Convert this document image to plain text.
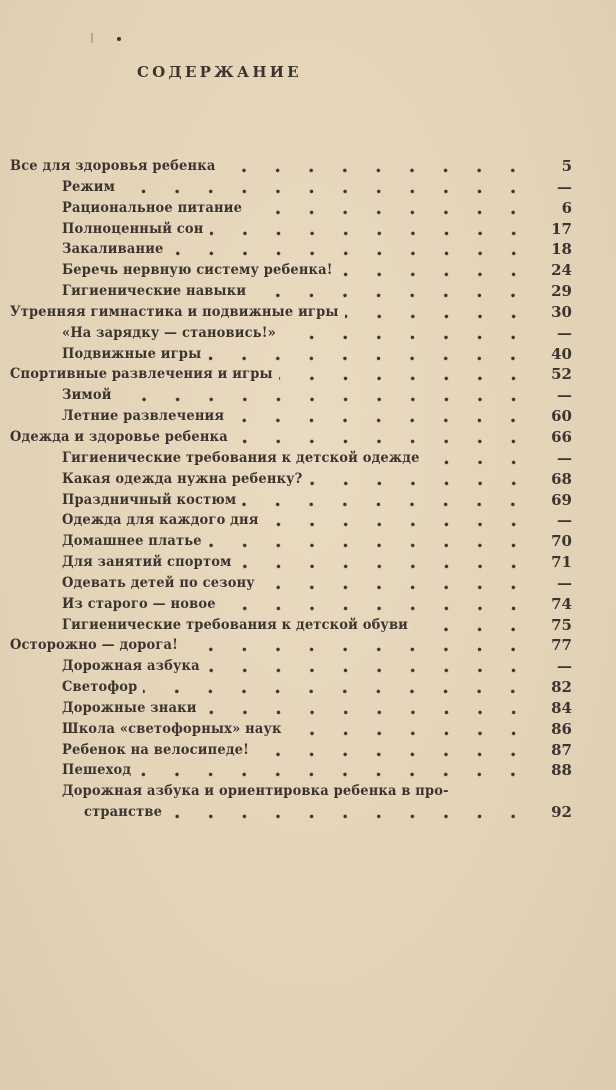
СОДЕРЖАНИЕ
Все для здоровья ребенка	5
Режим	—
Рациональное питание	6
Полноценный сон	17
Закаливание	18
Беречь нервную систему ребенка!	24
Гигиенические навыки	29
Утренняя гимнастика и подвижные игры	30
«На зарядку — становись!»	—
Подвижные игры	40
Спортивные развлечения и игры	52
Зимой	—
Летние развлечения	60
Одежда и здоровье ребенка	66
Гигиенические требования к детской одежде	—
Какая одежда нужна ребенку?	68
Праздничный костюм	69
Одежда для каждого дня	—
Домашнее платье	70
Для занятий спортом	71
Одевать детей по сезону	—
Из старого — новое	74
Гигиенические требования к детской обуви	75
Осторожно — дорога!	77
Дорожная азбука	—
Светофор	82
Дорожные знаки	84
Школа «светофорных» наук	86
Ребенок на велосипеде!	87
Пешеход	88
Дорожная азбука и ориентировка ребенка в про-
странстве	92
